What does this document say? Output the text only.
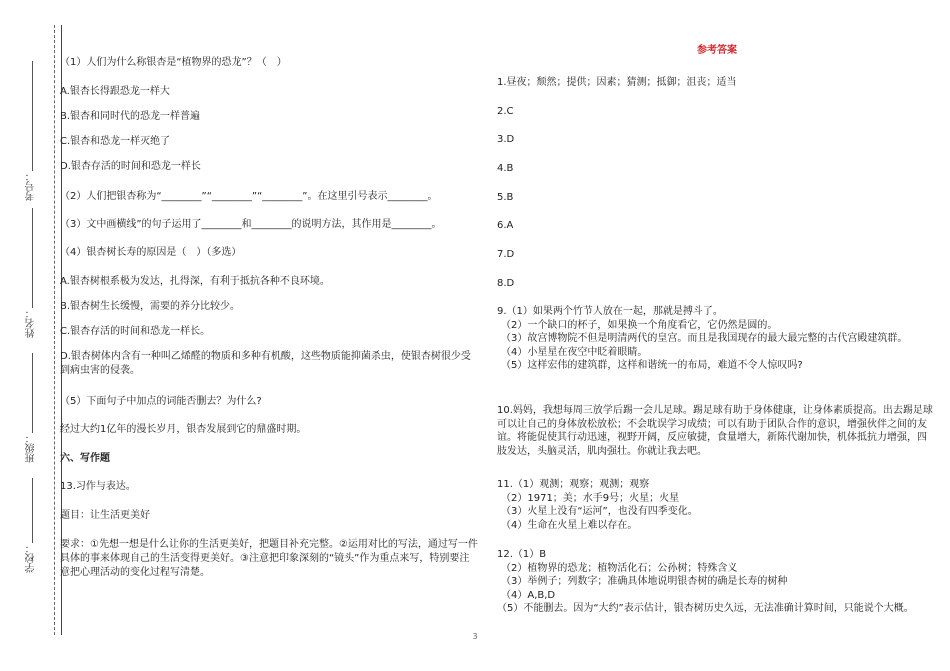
考号：
姓名：
班级：
学校：
（1）人们为什么称银杏是“植物界的恐龙”？（　）
A.银杏长得跟恐龙一样大
B.银杏和同时代的恐龙一样普遍
C.银杏和恐龙一样灭绝了
D.银杏存活的时间和恐龙一样长
（2）人们把银杏称为“________”“________”“________”。在这里引号表示________。
（3）文中画横线”的句子运用了________和________的说明方法，其作用是________。
（4）银杏树长寿的原因是（　）（多选）
A.银杏树根系极为发达，扎得深，有利于抵抗各种不良环境。
B.银杏树生长缓慢，需要的养分比较少。
C.银杏存活的时间和恐龙一样长。
D.银杏树体内含有一种叫乙烯醛的物质和多种有机酸，这些物质能抑菌杀虫，使银杏树很少受到病虫害的侵袭。
（5）下面句子中加点的词能否删去？为什么?
经过大约1亿年的漫长岁月，银杏发展到它的鼎盛时期。
六、写作题
13.习作与表达。
题目：让生活更美好
要求：①先想一想是什么让你的生活更美好，把题目补充完整。②运用对比的写法，通过写一件具体的事来体现自己的生活变得更美好。③注意把印象深刻的“镜头”作为重点来写，特别要注意把心理活动的变化过程写清楚。
参考答案
1.昼夜；颓然；提供；因素；猜测；抵御；沮丧；适当
2.C
3.D
4.B
5.B
6.A
7.D
8.D
9.（1）如果两个竹节人放在一起，那就是搏斗了。
（2）一个缺口的杯子，如果换一个角度看它，它仍然是圆的。
（3）故宫博物院不但是明清两代的皇宫。而且是我国现存的最大最完整的古代宫殿建筑群。
（4）小星星在夜空中眨着眼睛。
（5）这样宏伟的建筑群，这样和谐统一的布局，难道不令人惊叹吗?
10.妈妈，我想每周三放学后踢一会儿足球。踢足球有助于身体健康，让身体素质提高。出去踢足球可以让自己的身体放松放松；不会耽误学习成绩；可以有助于团队合作的意识，增强伙伴之间的友谊。将能促使其行动迅速，视野开阔，反应敏捷，食量增大，新陈代谢加快，机体抵抗力增强，四肢发达，头脑灵活，肌肉强壮。你就让我去吧。
11.（1）观测；观察；观测；观察
（2）1971；美；水手9号；火星；火星
（3）火星上没有“运河”，也没有四季变化。
（4）生命在火星上难以存在。
12.（1）B
（2）植物界的恐龙；植物活化石；公孙树；特殊含义
（3）举例子；列数字；准确具体地说明银杏树的确是长寿的树种
（4）A,B,D
（5）不能删去。因为“大约”表示估计，银杏树历史久远，无法准确计算时间，只能说个大概。
3
